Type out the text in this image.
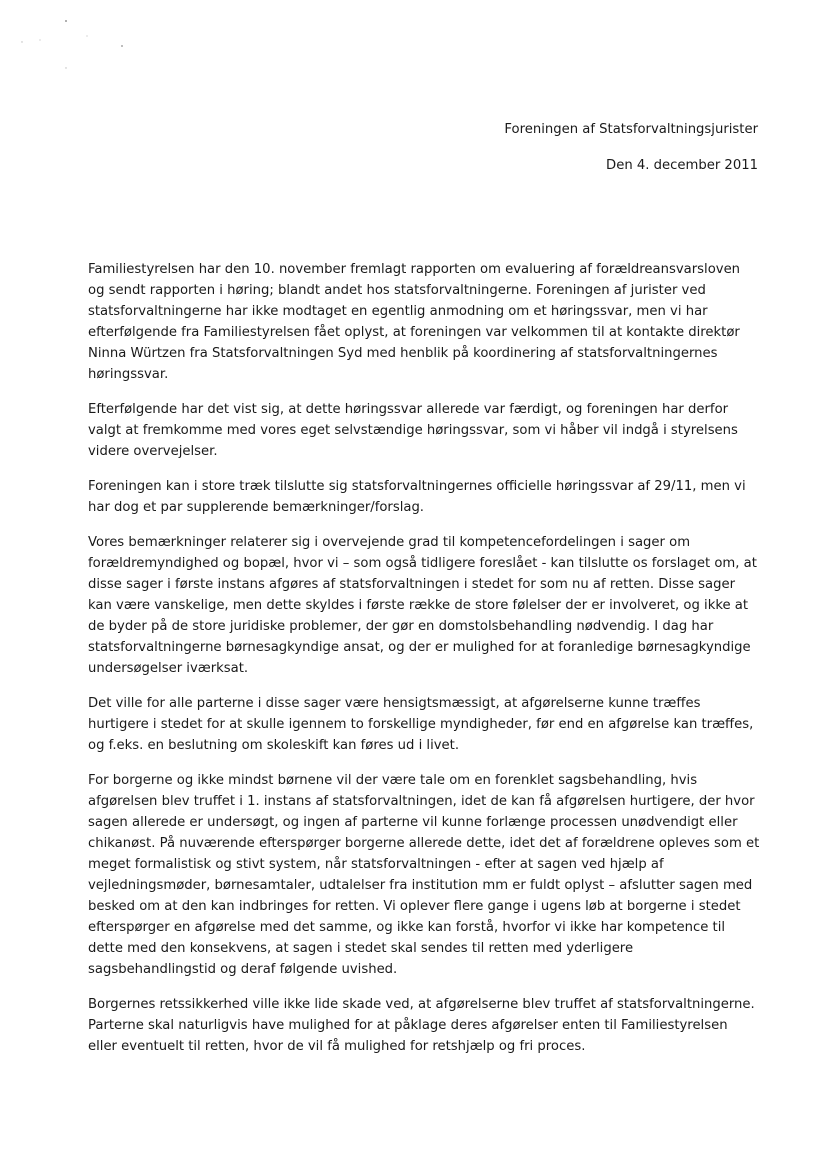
Foreningen af Statsforvaltningsjurister
Den 4. december 2011

Familiestyrelsen har den 10. november fremlagt rapporten om evaluering af forældreansvarsloven og sendt rapporten i høring; blandt andet hos statsforvaltningerne. Foreningen af jurister ved statsforvaltningerne har ikke modtaget en egentlig anmodning om et høringssvar, men vi har efterfølgende fra Familiestyrelsen fået oplyst, at foreningen var velkommen til at kontakte direktør Ninna Würtzen fra Statsforvaltningen Syd med henblik på koordinering af statsforvaltningernes høringssvar.

Efterfølgende har det vist sig, at dette høringssvar allerede var færdigt, og foreningen har derfor valgt at fremkomme med vores eget selvstændige høringssvar, som vi håber vil indgå i styrelsens videre overvejelser.

Foreningen kan i store træk tilslutte sig statsforvaltningernes officielle høringssvar af 29/11, men vi har dog et par supplerende bemærkninger/forslag.

Vores bemærkninger relaterer sig i overvejende grad til kompetencefordelingen i sager om forældremyndighed og bopæl, hvor vi – som også tidligere foreslået - kan tilslutte os forslaget om, at disse sager i første instans afgøres af statsforvaltningen i stedet for som nu af retten. Disse sager kan være vanskelige, men dette skyldes i første række de store følelser der er involveret, og ikke at de byder på de store juridiske problemer, der gør en domstolsbehandling nødvendig. I dag har statsforvaltningerne børnesagkyndige ansat, og der er mulighed for at foranledige børnesagkyndige undersøgelser iværksat.

Det ville for alle parterne i disse sager være hensigtsmæssigt, at afgørelserne kunne træffes hurtigere i stedet for at skulle igennem to forskellige myndigheder, før end en afgørelse kan træffes, og f.eks. en beslutning om skoleskift kan føres ud i livet.

For borgerne og ikke mindst børnene vil der være tale om en forenklet sagsbehandling, hvis afgørelsen blev truffet i 1. instans af statsforvaltningen, idet de kan få afgørelsen hurtigere, der hvor sagen allerede er undersøgt, og ingen af parterne vil kunne forlænge processen unødvendigt eller chikanøst. På nuværende efterspørger borgerne allerede dette, idet det af forældrene opleves som et meget formalistisk og stivt system, når statsforvaltningen - efter at sagen ved hjælp af vejledningsmøder, børnesamtaler, udtalelser fra institution mm er fuldt oplyst – afslutter sagen med besked om at den kan indbringes for retten. Vi oplever flere gange i ugens løb at borgerne i stedet efterspørger en afgørelse med det samme, og ikke kan forstå, hvorfor vi ikke har kompetence til dette med den konsekvens, at sagen i stedet skal sendes til retten med yderligere sagsbehandlingstid og deraf følgende uvished.

Borgernes retssikkerhed ville ikke lide skade ved, at afgørelserne blev truffet af statsforvaltningerne. Parterne skal naturligvis have mulighed for at påklage deres afgørelser enten til Familiestyrelsen eller eventuelt til retten, hvor de vil få mulighed for retshjælp og fri proces.
